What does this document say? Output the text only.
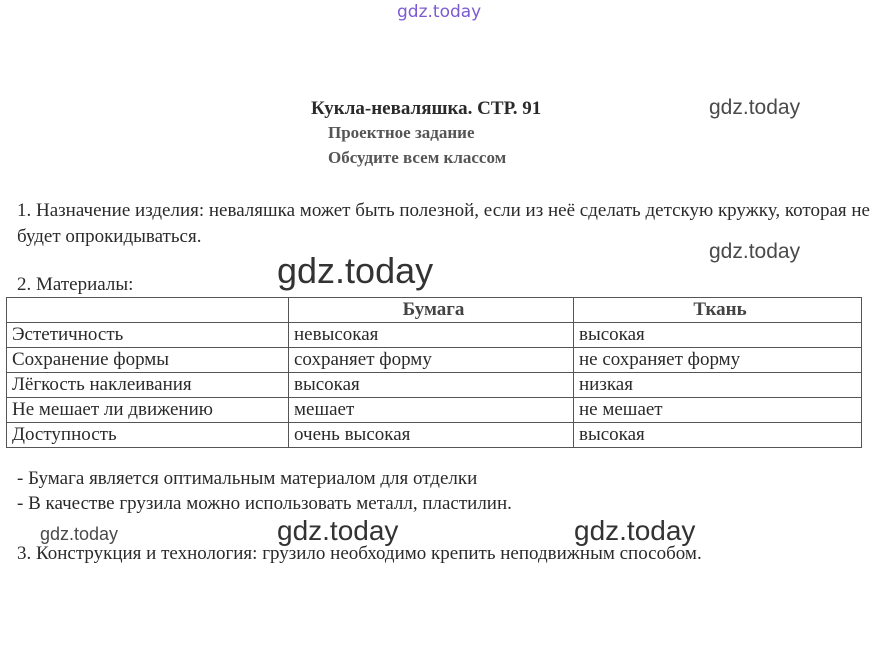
gdz.today
gdz.today
Кукла-неваляшка. СТР. 91
Проектное задание
Обсудите всем классом
1. Назначение изделия: неваляшка может быть полезной, если из неё сделать детскую кружку, которая не будет опрокидываться.
gdz.today
2. Материалы:
	Бумага	Ткань
Эстетичность	невысокая	высокая
Сохранение формы	сохраняет форму	не сохраняет форму
Лёгкость наклеивания	высокая	низкая
Не мешает ли движению	мешает	не мешает
Доступность	очень высокая	высокая
gdz.today
- Бумага является оптимальным материалом для отделки
- В качестве грузила можно использовать металл, пластилин.
gdz.today	gdz.today	gdz.today
3. Конструкция и технология: грузило необходимо крепить неподвижным способом.
